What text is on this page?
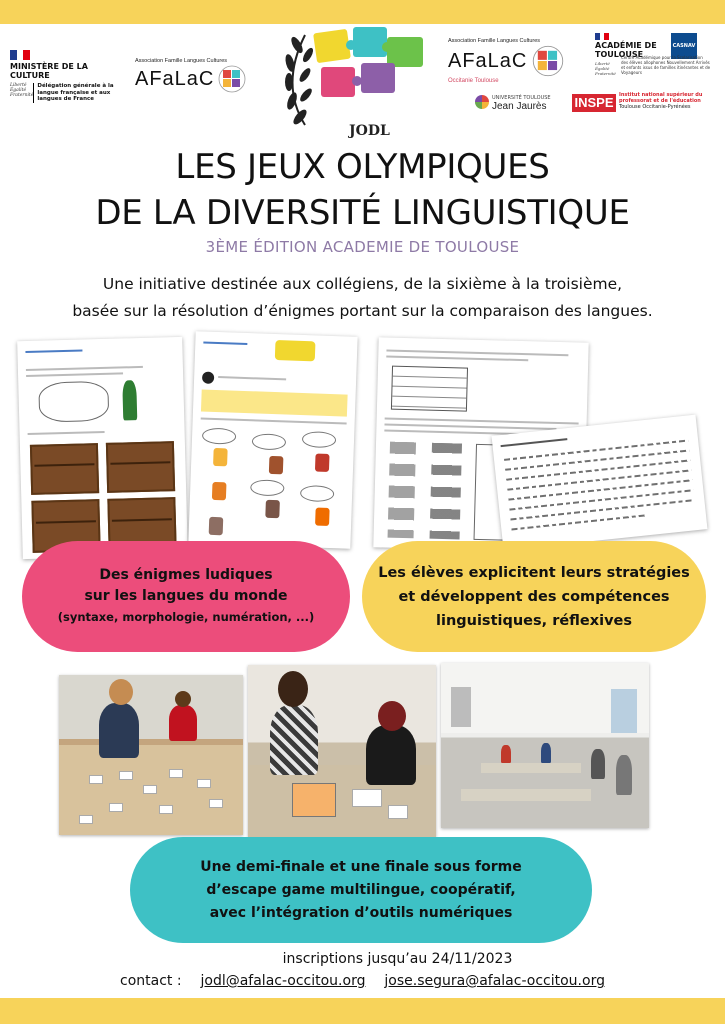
MINISTÈRE DE LA CULTURE
Liberté Égalité Fraternité
Délégation générale à la langue française et aux langues de France
Association Famille Langues Cultures
AFaLaC
JODL
Association Famille Langues Cultures
AFaLaC
Occitanie Toulouse
ACADÉMIE DE TOULOUSE
Liberté Égalité Fraternité
CASNAV
Centre Académique pour la Scolarisation des élèves allophones Nouvellement Arrivés et enfants issus de familles itinérantes et de Voyageurs
UNIVERSITÉ TOULOUSE
Jean Jaurès INSPE	Institut national supérieur du professorat et de l'éducation
Toulouse Occitanie-Pyrénées
LES JEUX OLYMPIQUES
DE LA DIVERSITÉ LINGUISTIQUE
3ÈME ÉDITION ACADEMIE DE TOULOUSE
Une initiative destinée aux collégiens, de la sixième à la troisième,
basée sur la résolution d’énigmes portant sur la comparaison des langues.
Des énigmes ludiques
sur les langues du monde
(syntaxe, morphologie, numération, ...)
Les élèves explicitent leurs stratégies
et développent des compétences
linguistiques, réflexives
Une demi-finale et une finale sous forme
d’escape game multilingue, coopératif,
avec l’intégration d’outils numériques
inscriptions jusqu’au 24/11/2023
contact : jodl@afalac-occitou.org jose.segura@afalac-occitou.org
